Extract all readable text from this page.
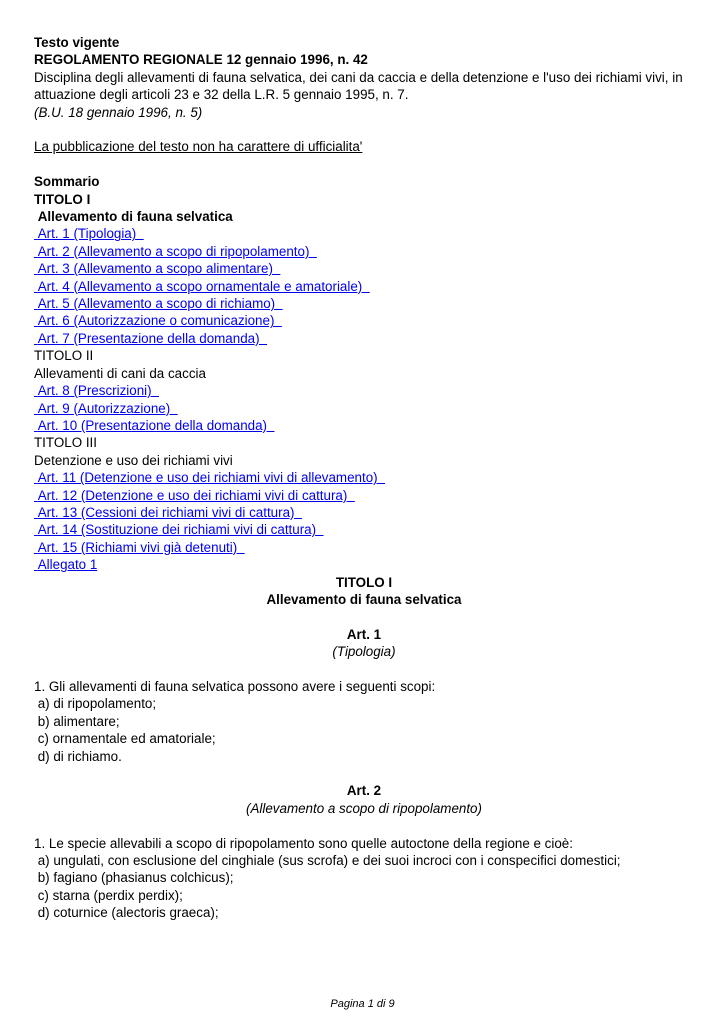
Testo vigente
REGOLAMENTO REGIONALE 12 gennaio 1996, n. 42
Disciplina degli allevamenti di fauna selvatica, dei cani da caccia e della detenzione e l'uso dei richiami vivi, in
attuazione degli articoli 23 e 32 della L.R. 5 gennaio 1995, n. 7.
(B.U. 18 gennaio 1996, n. 5)
La pubblicazione del testo non ha carattere di ufficialita'
Sommario
TITOLO I
Allevamento di fauna selvatica
Art. 1 (Tipologia)
Art. 2 (Allevamento a scopo di ripopolamento)
Art. 3 (Allevamento a scopo alimentare)
Art. 4 (Allevamento a scopo ornamentale e amatoriale)
Art. 5 (Allevamento a scopo di richiamo)
Art. 6 (Autorizzazione o comunicazione)
Art. 7 (Presentazione della domanda)
TITOLO II
Allevamenti di cani da caccia
Art. 8 (Prescrizioni)
Art. 9 (Autorizzazione)
Art. 10 (Presentazione della domanda)
TITOLO III
Detenzione e uso dei richiami vivi
Art. 11 (Detenzione e uso dei richiami vivi di allevamento)
Art. 12 (Detenzione e uso dei richiami vivi di cattura)
Art. 13 (Cessioni dei richiami vivi di cattura)
Art. 14 (Sostituzione dei richiami vivi di cattura)
Art. 15 (Richiami vivi già detenuti)
Allegato 1
TITOLO I
Allevamento di fauna selvatica
Art. 1
(Tipologia)
1. Gli allevamenti di fauna selvatica possono avere i seguenti scopi:
a) di ripopolamento;
b) alimentare;
c) ornamentale ed amatoriale;
d) di richiamo.
Art. 2
(Allevamento a scopo di ripopolamento)
1. Le specie allevabili a scopo di ripopolamento sono quelle autoctone della regione e cioè:
a) ungulati, con esclusione del cinghiale (sus scrofa) e dei suoi incroci con i conspecifici domestici;
b) fagiano (phasianus colchicus);
c) starna (perdix perdix);
d) coturnice (alectoris graeca);
Pagina 1 di 9
